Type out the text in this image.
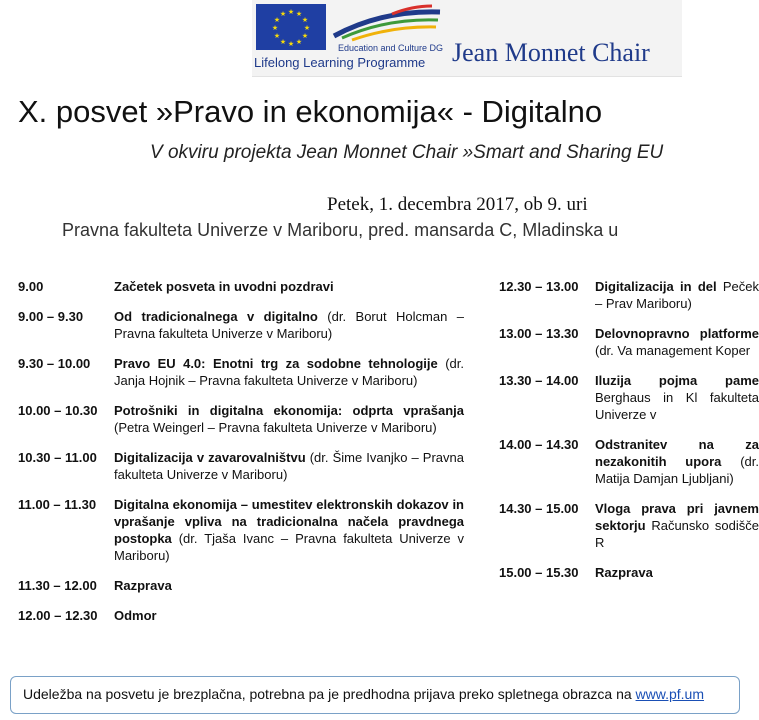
★ ★
★
★
★
★
★
★
★
★
★
★
Education and Culture DG
Lifelong Learning Programme Jean Monnet Chair
X. posvet »Pravo in ekonomija« - Digitalno
V okviru projekta Jean Monnet Chair »Smart and Sharing EU
Petek, 1. decembra 2017, ob 9. uri
Pravna fakulteta Univerze v Mariboru, pred. mansarda C, Mladinska u
9.00	Začetek posveta in uvodni pozdravi
9.00 – 9.30	Od tradicionalnega v digitalno (dr. Borut Holcman – Pravna fakulteta Univerze v Mariboru)
9.30 – 10.00	Pravo EU 4.0: Enotni trg za sodobne tehnologije (dr. Janja Hojnik – Pravna fakulteta Univerze v Mariboru)
10.00 – 10.30	Potrošniki in digitalna ekonomija: odprta vprašanja (Petra Weingerl – Pravna fakulteta Univerze v Mariboru)
10.30 – 11.00	Digitalizacija v zavarovalništvu (dr. Šime Ivanjko – Pravna fakulteta Univerze v Mariboru)
11.00 – 11.30	Digitalna ekonomija – umestitev elektronskih dokazov in vprašanje vpliva na tradicionalna načela pravdnega postopka (dr. Tjaša Ivanc – Pravna fakulteta Univerze v Mariboru)
11.30 – 12.00	Razprava
12.00 – 12.30	Odmor
12.30 – 13.00	Digitalizacija in del Peček – Prav Mariboru)
13.00 – 13.30	Delovnopravno platforme (dr. Va management Koper
13.30 – 14.00	Iluzija pojma pame Berghaus in Kl fakulteta Univerze v
14.00 – 14.30	Odstranitev na za nezakonitih upora (dr. Matija Damjan Ljubljani)
14.30 – 15.00	Vloga prava pri javnem sektorju Računsko sodišče R
15.00 – 15.30	Razprava
Udeležba na posvetu je brezplačna, potrebna pa je predhodna prijava preko spletnega obrazca na www.pf.um
